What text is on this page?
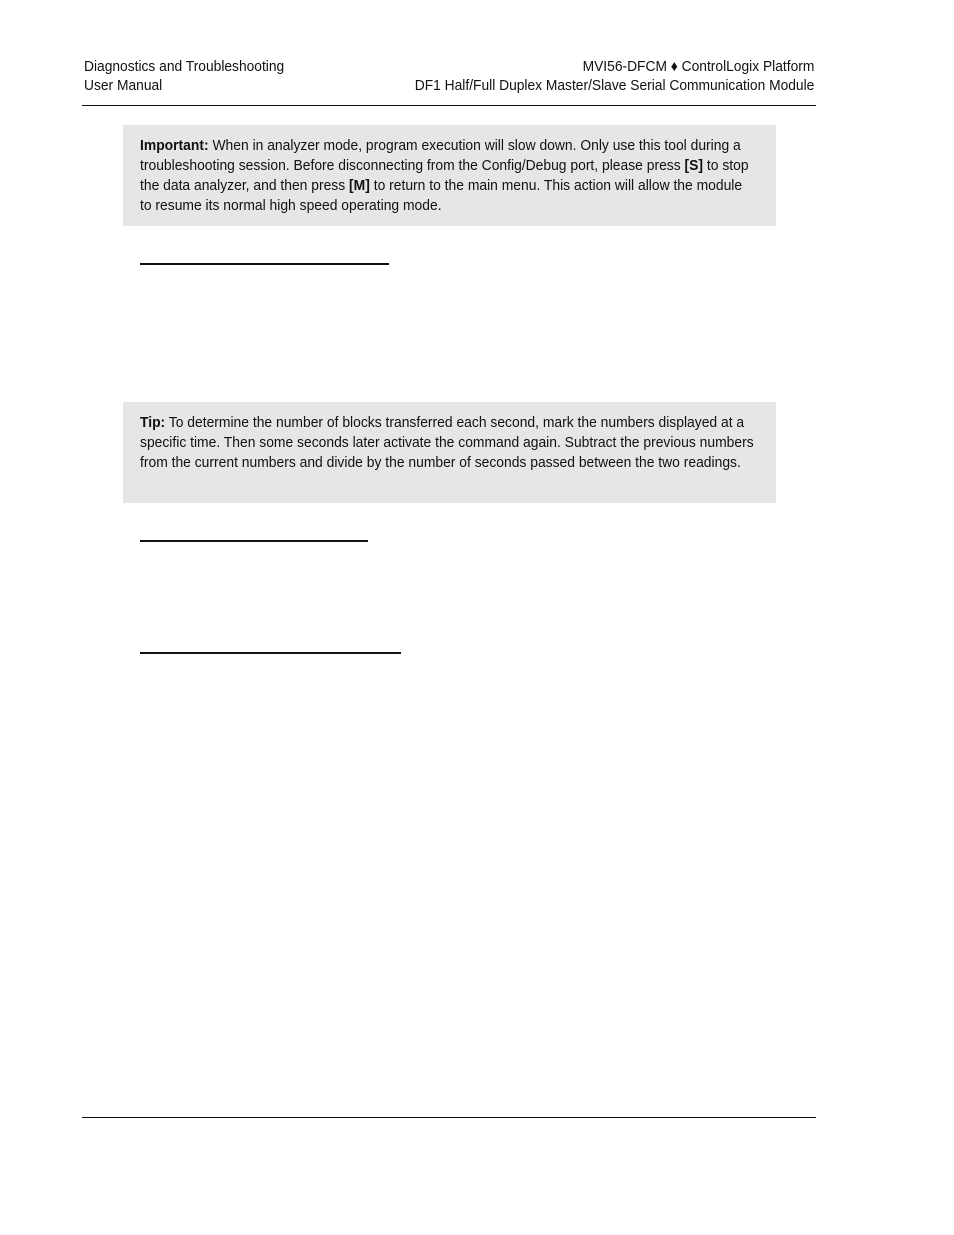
Diagnostics and Troubleshooting
User Manual
MVI56-DFCM ♦ ControlLogix Platform
DF1 Half/Full Duplex Master/Slave Serial Communication Module
Important: When in analyzer mode, program execution will slow down. Only use this tool during a troubleshooting session. Before disconnecting from the Config/Debug port, please press [S] to stop the data analyzer, and then press [M] to return to the main menu. This action will allow the module to resume its normal high speed operating mode.
Tip: To determine the number of blocks transferred each second, mark the numbers displayed at a specific time. Then some seconds later activate the command again. Subtract the previous numbers from the current numbers and divide by the number of seconds passed between the two readings.
